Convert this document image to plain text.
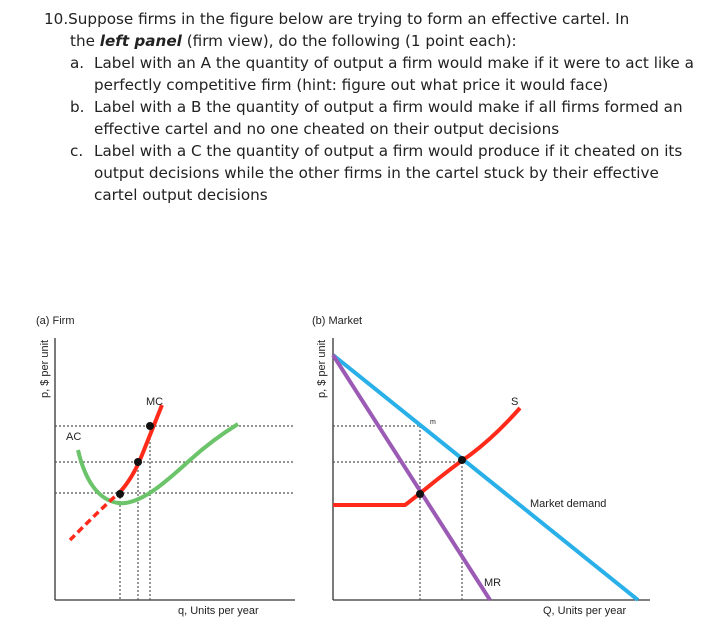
10.Suppose firms in the figure below are trying to form an effective cartel. In
the left panel (firm view), do the following (1 point each):
a. Label with an A the quantity of output a firm would make if it were to act like a perfectly competitive firm (hint: figure out what price it would face)
b. Label with a B the quantity of output a firm would make if all firms formed an effective cartel and no one cheated on their output decisions
c. Label with a C the quantity of output a firm would produce if it cheated on its output decisions while the other firms in the cartel stuck by their effective cartel output decisions
(a) Firm
p, $ per unit
q, Units per year
AC
MC
(b) Market
p, $ per unit
Q, Units per year
Market demand
MR
S
m
